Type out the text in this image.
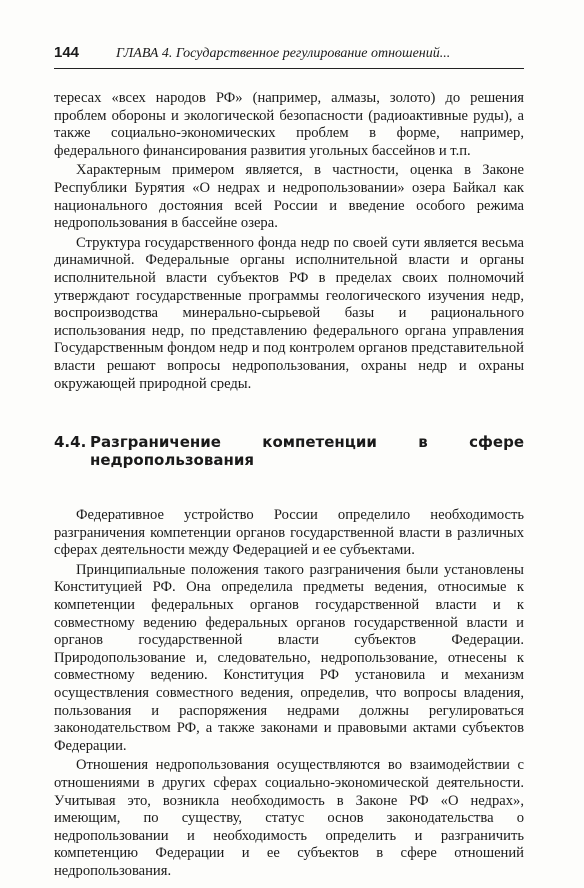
144	ГЛАВА 4. Государственное регулирование отношений...

тересах «всех народов РФ» (например, алмазы, золото) до решения проблем обороны и экологической безопасности (радиоактивные руды), а также социально-экономических проблем в форме, например, федерального финансирования развития угольных бассейнов и т.п.

Характерным примером является, в частности, оценка в Законе Республики Бурятия «О недрах и недропользовании» озера Байкал как национального достояния всей России и введение особого режима недропользования в бассейне озера.

Структура государственного фонда недр по своей сути является весьма динамичной. Федеральные органы исполнительной власти и органы исполнительной власти субъектов РФ в пределах своих полномочий утверждают государственные программы геологического изучения недр, воспроизводства минерально-сырьевой базы и рационального использования недр, по представлению федерального органа управления Государственным фондом недр и под контролем органов представительной власти решают вопросы недропользования, охраны недр и охраны окружающей природной среды.

4.4. Разграничение компетенции в сфере недропользования

Федеративное устройство России определило необходимость разграничения компетенции органов государственной власти в различных сферах деятельности между Федерацией и ее субъектами.

Принципиальные положения такого разграничения были установлены Конституцией РФ. Она определила предметы ведения, относимые к компетенции федеральных органов государственной власти и к совместному ведению федеральных органов государственной власти и органов государственной власти субъектов Федерации. Природопользование и, следовательно, недропользование, отнесены к совместному ведению. Конституция РФ установила и механизм осуществления совместного ведения, определив, что вопросы владения, пользования и распоряжения недрами должны регулироваться законодательством РФ, а также законами и правовыми актами субъектов Федерации.

Отношения недропользования осуществляются во взаимодействии с отношениями в других сферах социально-экономической деятельности. Учитывая это, возникла необходимость в Законе РФ «О недрах», имеющим, по существу, статус основ законодательства о недропользовании и необходимость определить и разграничить компетенцию Федерации и ее субъектов в сфере отношений недропользования.
